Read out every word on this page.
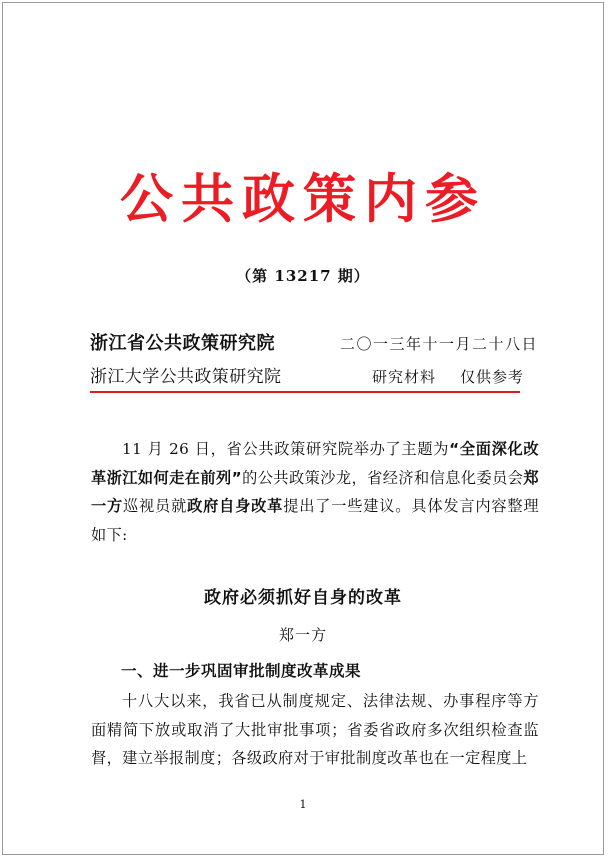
公共政策内参
（第 13217 期）
浙江省公共政策研究院	二〇一三年十一月二十八日
浙江大学公共政策研究院	研究材料 仅供参考
11 月 26 日，省公共政策研究院举办了主题为“全面深化改革浙江如何走在前列”的公共政策沙龙，省经济和信息化委员会郑一方巡视员就政府自身改革提出了一些建议。具体发言内容整理如下:
政府必须抓好自身的改革
郑一方
一、进一步巩固审批制度改革成果
十八大以来，我省已从制度规定、法律法规、办事程序等方面精简下放或取消了大批审批事项；省委省政府多次组织检查监督，建立举报制度；各级政府对于审批制度改革也在一定程度上
1
